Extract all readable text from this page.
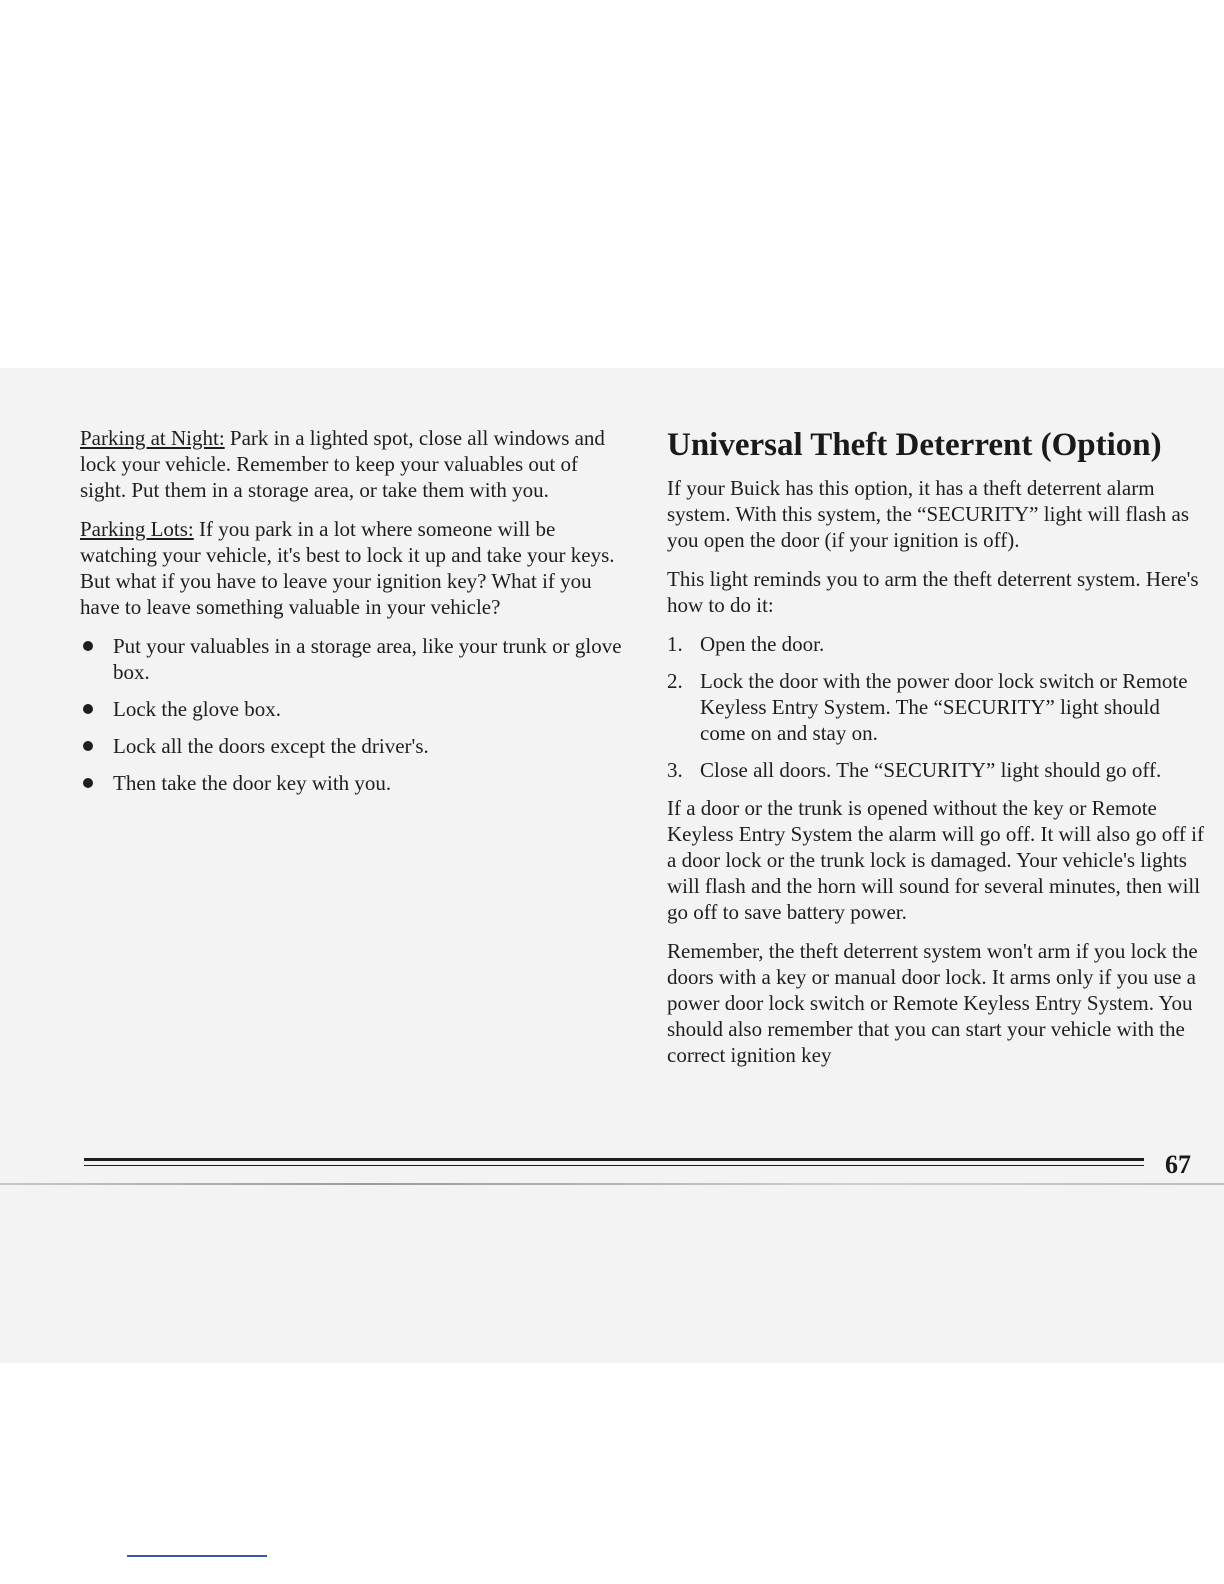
Parking at Night: Park in a lighted spot, close all windows and lock your vehicle. Remember to keep your valuables out of sight. Put them in a storage area, or take them with you.

Parking Lots: If you park in a lot where someone will be watching your vehicle, it's best to lock it up and take your keys. But what if you have to leave your ignition key? What if you have to leave something valuable in your vehicle?

Put your valuables in a storage area, like your trunk or glove box.
Lock the glove box.
Lock all the doors except the driver's.
Then take the door key with you.
Universal Theft Deterrent (Option)

If your Buick has this option, it has a theft deterrent alarm system. With this system, the “SECURITY” light will flash as you open the door (if your ignition is off).

This light reminds you to arm the theft deterrent system. Here's how to do it:

1. Open the door.
2. Lock the door with the power door lock switch or Remote Keyless Entry System. The “SECURITY” light should come on and stay on.
3. Close all doors. The “SECURITY” light should go off.

If a door or the trunk is opened without the key or Remote Keyless Entry System the alarm will go off. It will also go off if a door lock or the trunk lock is damaged. Your vehicle's lights will flash and the horn will sound for several minutes, then will go off to save battery power.

Remember, the theft deterrent system won't arm if you lock the doors with a key or manual door lock. It arms only if you use a power door lock switch or Remote Keyless Entry System. You should also remember that you can start your vehicle with the correct ignition key

67
